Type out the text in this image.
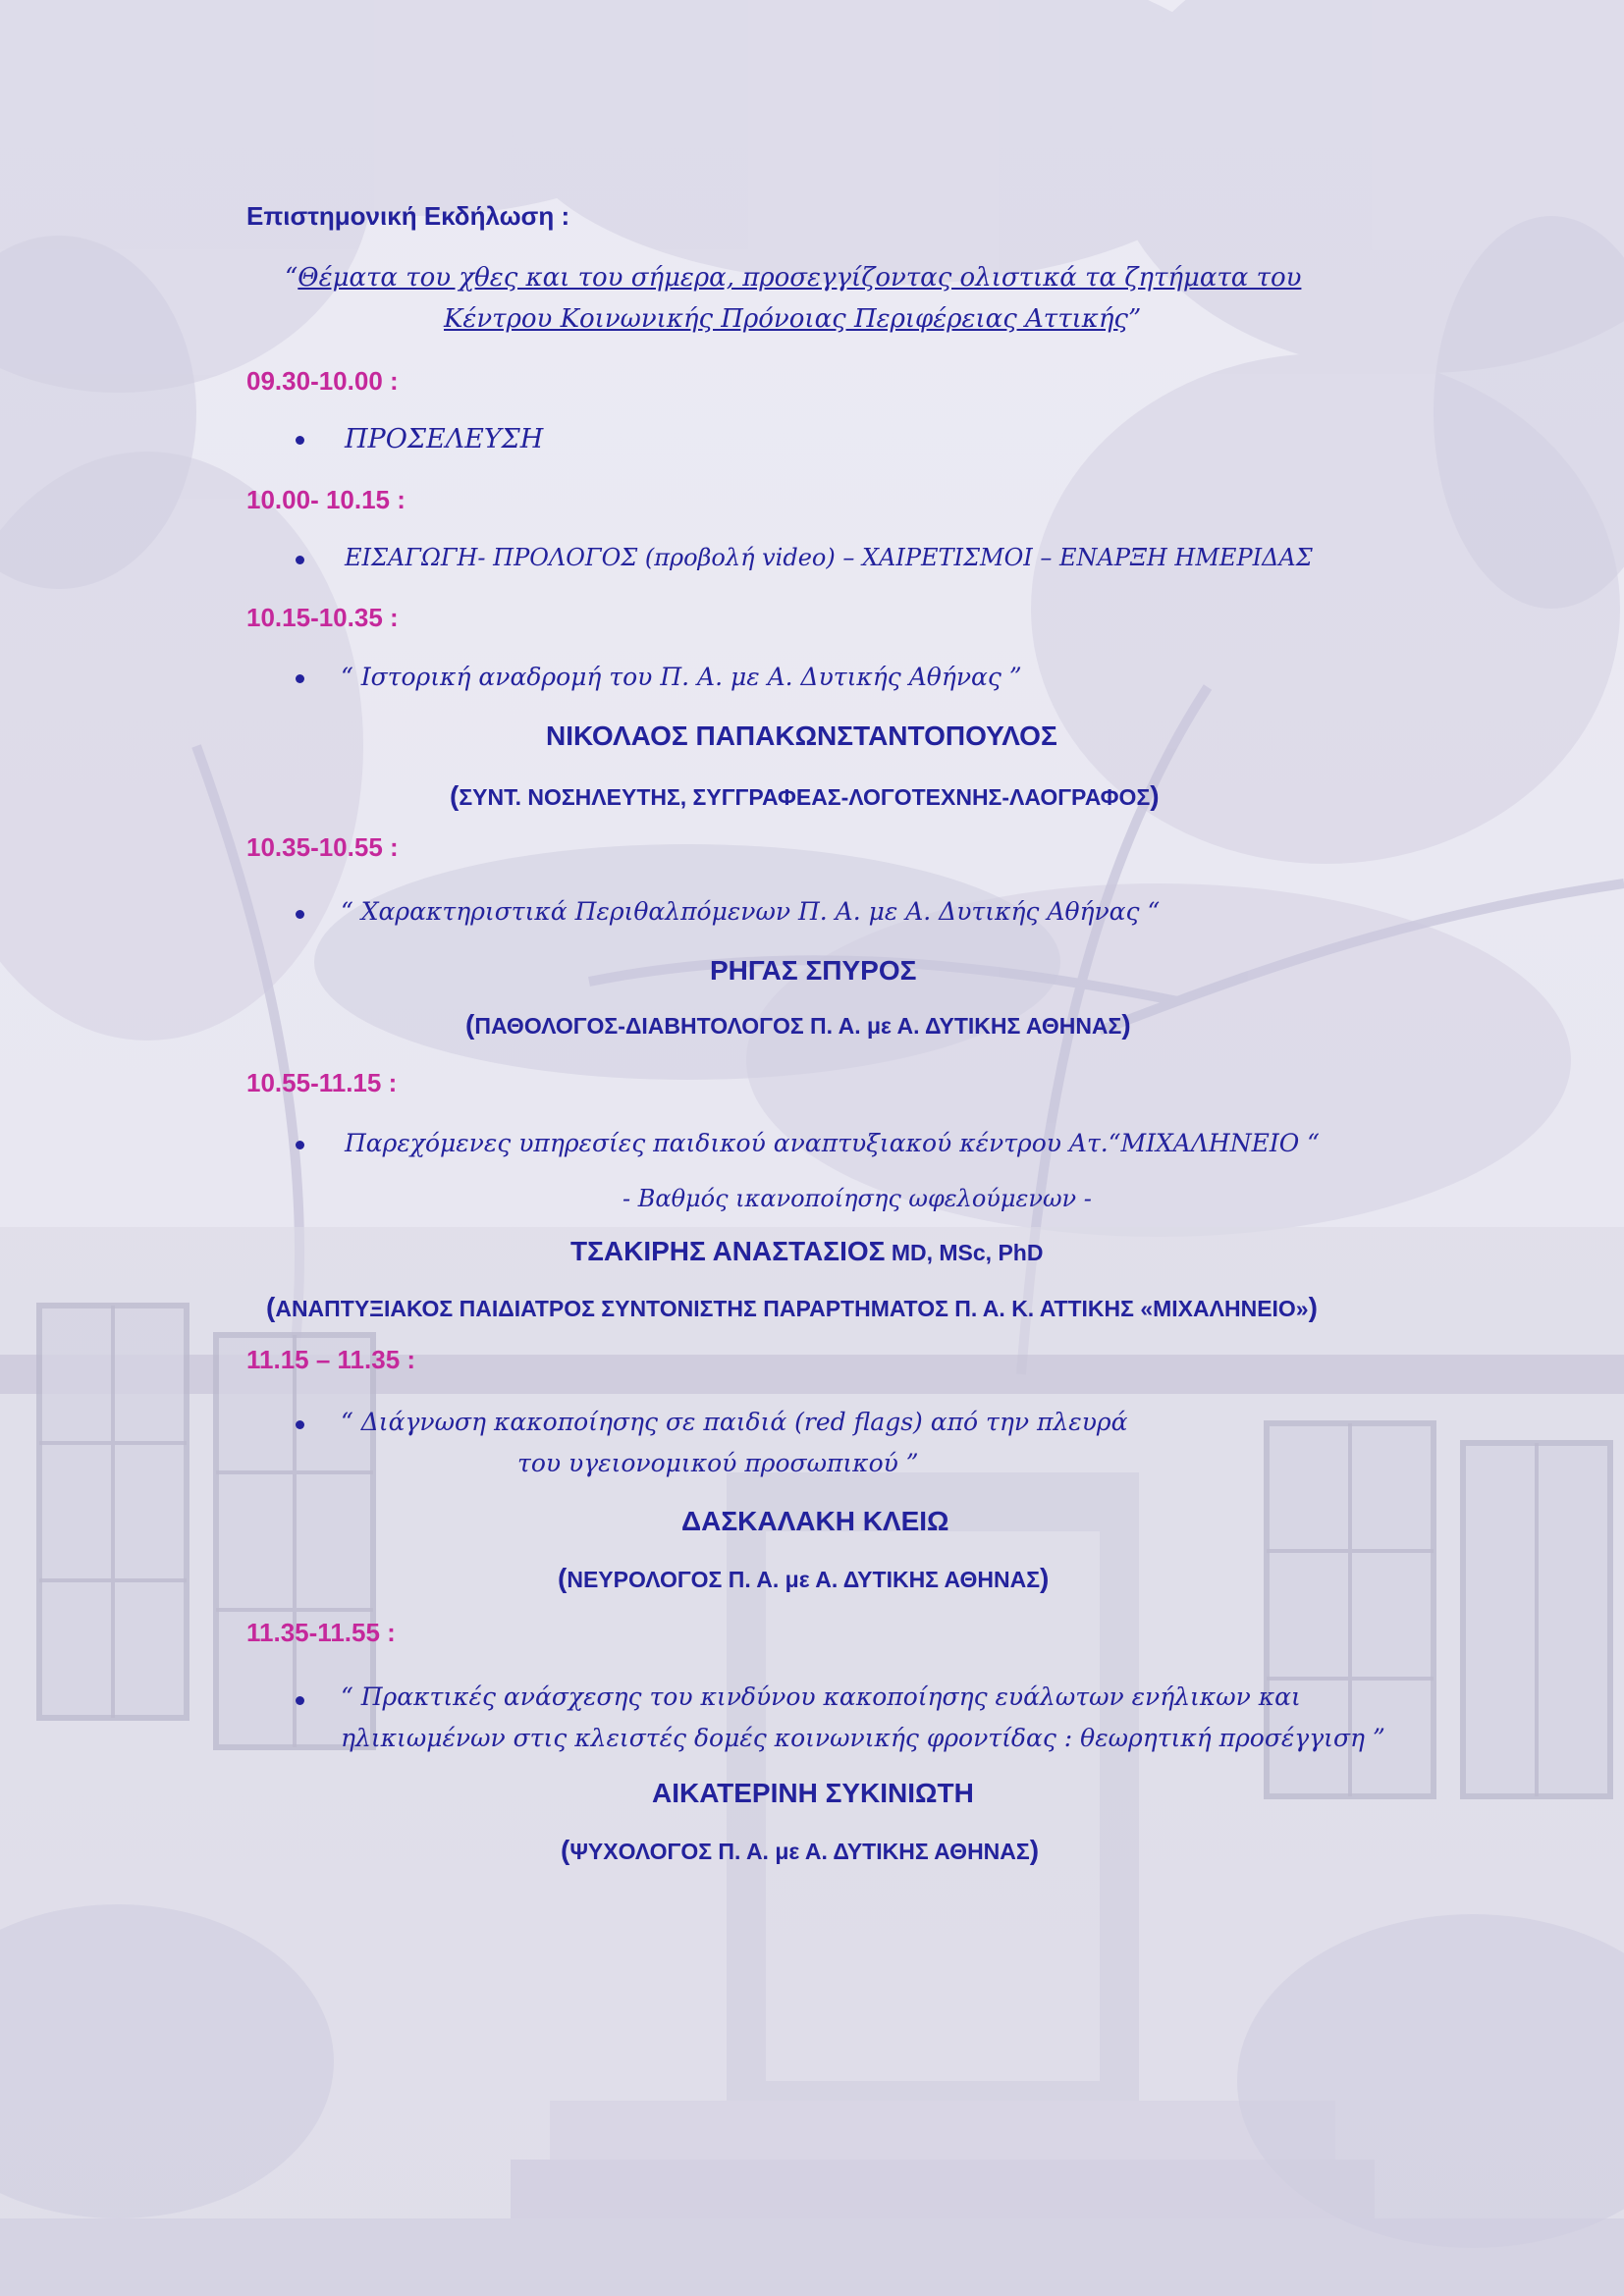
Επιστημονική Εκδήλωση :
“Θέματα του χθες και του σήμερα, προσεγγίζοντας ολιστικά τα ζητήματα του
Κέντρου Κοινωνικής Πρόνοιας Περιφέρειας Αττικής”
09.30-10.00 :
ΠΡΟΣΕΛΕΥΣΗ
10.00- 10.15 :
ΕΙΣΑΓΩΓΗ- ΠΡΟΛΟΓΟΣ (προβολή video) – ΧΑΙΡΕΤΙΣΜΟΙ – ΕΝΑΡΞΗ ΗΜΕΡΙΔΑΣ
10.15-10.35 :
“ Ιστορική αναδρομή του Π. Α. με Α. Δυτικής Αθήνας ”
ΝΙΚΟΛΑΟΣ ΠΑΠΑΚΩΝΣΤΑΝΤΟΠΟΥΛΟΣ
(ΣΥΝΤ. ΝΟΣΗΛΕΥΤΗΣ, ΣΥΓΓΡΑΦΕΑΣ-ΛΟΓΟΤΕΧΝΗΣ-ΛΑΟΓΡΑΦΟΣ)
10.35-10.55 :
“ Χαρακτηριστικά Περιθαλπόμενων Π. Α. με Α. Δυτικής Αθήνας “
ΡΗΓΑΣ ΣΠΥΡΟΣ
(ΠΑΘΟΛΟΓΟΣ-ΔΙΑΒΗΤΟΛΟΓΟΣ Π. Α. με Α. ΔΥΤΙΚΗΣ ΑΘΗΝΑΣ)
10.55-11.15 :
Παρεχόμενες υπηρεσίες παιδικού αναπτυξιακού κέντρου Ατ.“ΜΙΧΑΛΗΝΕΙΟ “
- Βαθμός ικανοποίησης ωφελούμενων -
ΤΣΑΚΙΡΗΣ ΑΝΑΣΤΑΣΙΟΣ MD, MSc, PhD
(ΑΝΑΠΤΥΞΙΑΚΟΣ ΠΑΙΔΙΑΤΡΟΣ ΣΥΝΤΟΝΙΣΤΗΣ ΠΑΡΑΡΤΗΜΑΤΟΣ Π. Α. Κ. ΑΤΤΙΚΗΣ «ΜΙΧΑΛΗΝΕΙΟ»)
11.15 – 11.35 :
“ Διάγνωση κακοποίησης σε παιδιά (red flags) από την πλευρά
του υγειονομικού προσωπικού ”
ΔΑΣΚΑΛΑΚΗ ΚΛΕΙΩ
(ΝΕΥΡΟΛΟΓΟΣ Π. Α. με Α. ΔΥΤΙΚΗΣ ΑΘΗΝΑΣ)
11.35-11.55 :
“ Πρακτικές ανάσχεσης του κινδύνου κακοποίησης ευάλωτων ενήλικων και
ηλικιωμένων στις κλειστές δομές κοινωνικής φροντίδας : θεωρητική προσέγγιση ”
ΑΙΚΑΤΕΡΙΝΗ ΣΥΚΙΝΙΩΤΗ
(ΨΥΧΟΛΟΓΟΣ Π. Α. με Α. ΔΥΤΙΚΗΣ ΑΘΗΝΑΣ)
